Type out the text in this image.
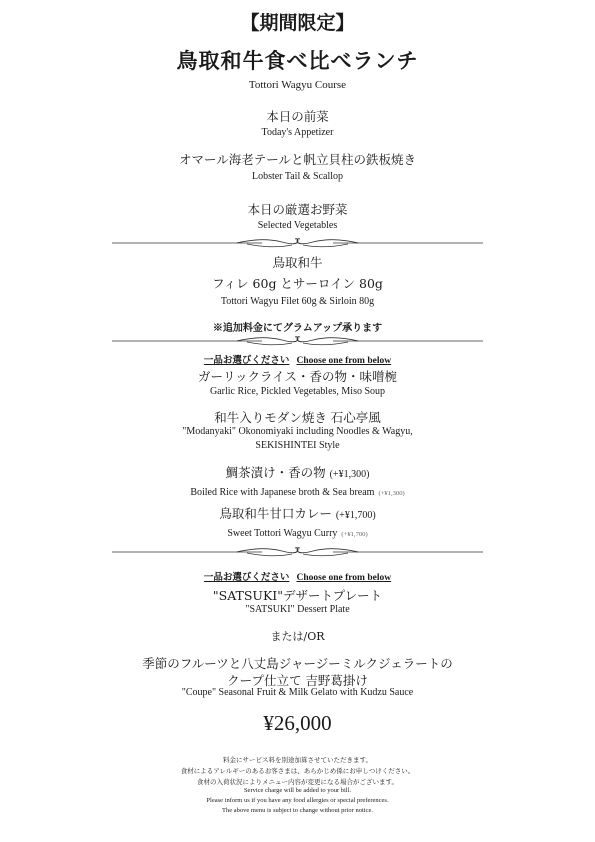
【期間限定】
鳥取和牛食べ比べランチ
Tottori Wagyu Course
本日の前菜
Today's Appetizer
オマール海老テールと帆立貝柱の鉄板焼き
Lobster Tail & Scallop
本日の厳選お野菜
Selected Vegetables
鳥取和牛
フィレ 60g とサーロイン 80g
Tottori Wagyu Filet 60g & Sirloin 80g
※追加料金にてグラムアップ承ります
一品お選びください Choose one from below
ガーリックライス・香の物・味噌椀
Garlic Rice, Pickled Vegetables, Miso Soup
和牛入りモダン焼き 石心亭風
"Modanyaki" Okonomiyaki including Noodles & Wagyu,
SEKISHINTEI Style
鯛茶漬け・香の物 (+¥1,300)
Boiled Rice with Japanese broth & Sea bream (+¥1,300)
鳥取和牛甘口カレー (+¥1,700)
Sweet Tottori Wagyu Curry (+¥1,700)
一品お選びください Choose one from below
"SATSUKI"デザートプレート
"SATSUKI" Dessert Plate
または/OR
季節のフルーツと八丈島ジャージーミルクジェラートの
クープ仕立て 吉野葛掛け
"Coupe" Seasonal Fruit & Milk Gelato with Kudzu Sauce
¥26,000
料金にサービス料を別途加算させていただきます。
食材によるアレルギーのあるお客さまは、あらかじめ係にお申しつけください。
食材の入荷状況によりメニュー内容が変更になる場合がございます。
Service charge will be added to your bill.
Please inform us if you have any food allergies or special preferences.
The above menu is subject to change without prior notice.
